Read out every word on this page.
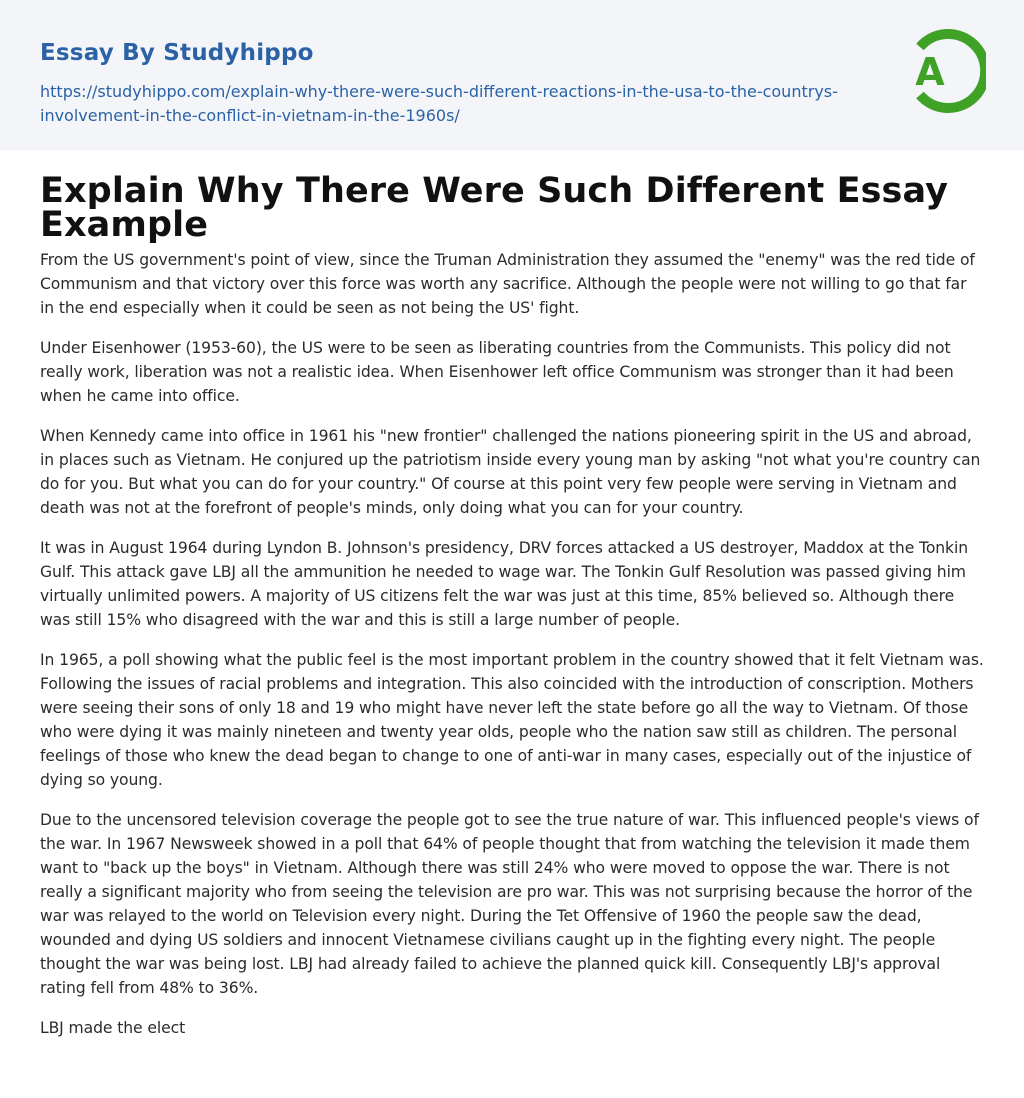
Essay By Studyhippo
https://studyhippo.com/explain-why-there-were-such-different-reactions-in-the-usa-to-the-countrys-involvement-in-the-conflict-in-vietnam-in-the-1960s/
A
Explain Why There Were Such Different Essay Example

From the US government's point of view, since the Truman Administration they assumed the "enemy" was the red tide of Communism and that victory over this force was worth any sacrifice. Although the people were not willing to go that far in the end especially when it could be seen as not being the US' fight.

Under Eisenhower (1953-60), the US were to be seen as liberating countries from the Communists. This policy did not really work, liberation was not a realistic idea. When Eisenhower left office Communism was stronger than it had been when he came into office.

When Kennedy came into office in 1961 his "new frontier" challenged the nations pioneering spirit in the US and abroad, in places such as Vietnam. He conjured up the patriotism inside every young man by asking "not what you're country can do for you. But what you can do for your country." Of course at this point very few people were serving in Vietnam and death was not at the forefront of people's minds, only doing what you can for your country.

It was in August 1964 during Lyndon B. Johnson's presidency, DRV forces attacked a US destroyer, Maddox at the Tonkin Gulf. This attack gave LBJ all the ammunition he needed to wage war. The Tonkin Gulf Resolution was passed giving him virtually unlimited powers. A majority of US citizens felt the war was just at this time, 85% believed so. Although there was still 15% who disagreed with the war and this is still a large number of people.

In 1965, a poll showing what the public feel is the most important problem in the country showed that it felt Vietnam was. Following the issues of racial problems and integration. This also coincided with the introduction of conscription. Mothers were seeing their sons of only 18 and 19 who might have never left the state before go all the way to Vietnam. Of those who were dying it was mainly nineteen and twenty year olds, people who the nation saw still as children. The personal feelings of those who knew the dead began to change to one of anti-war in many cases, especially out of the injustice of dying so young.

Due to the uncensored television coverage the people got to see the true nature of war. This influenced people's views of the war. In 1967 Newsweek showed in a poll that 64% of people thought that from watching the television it made them want to "back up the boys" in Vietnam. Although there was still 24% who were moved to oppose the war. There is not really a significant majority who from seeing the television are pro war. This was not surprising because the horror of the war was relayed to the world on Television every night. During the Tet Offensive of 1960 the people saw the dead, wounded and dying US soldiers and innocent Vietnamese civilians caught up in the fighting every night. The people thought the war was being lost. LBJ had already failed to achieve the planned quick kill. Consequently LBJ's approval rating fell from 48% to 36%.

LBJ made the elect
